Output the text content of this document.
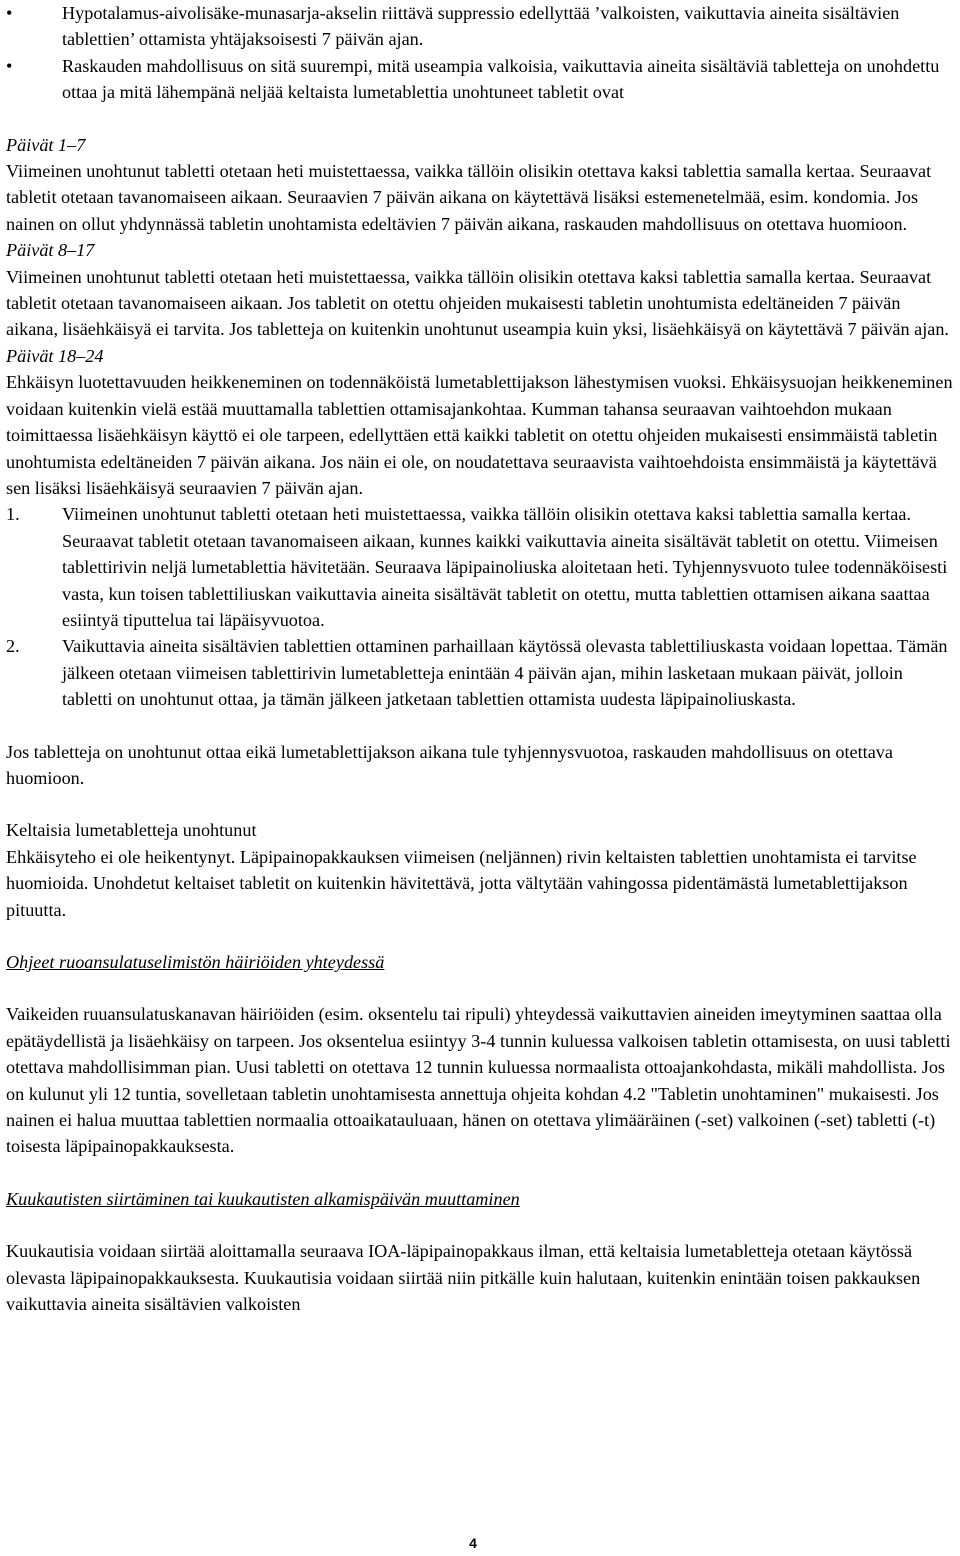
•	Hypotalamus-aivolisäke-munasarja-akselin riittävä suppressio edellyttää ’valkoisten, vaikuttavia aineita sisältävien tablettien’ ottamista yhtäjaksoisesti 7 päivän ajan.
•	Raskauden mahdollisuus on sitä suurempi, mitä useampia valkoisia, vaikuttavia aineita sisältäviä tabletteja on unohdettu ottaa ja mitä lähempänä neljää keltaista lumetablettia unohtuneet tabletit ovat

Päivät 1–7

Viimeinen unohtunut tabletti otetaan heti muistettaessa, vaikka tällöin olisikin otettava kaksi tablettia samalla kertaa. Seuraavat tabletit otetaan tavanomaiseen aikaan. Seuraavien 7 päivän aikana on käytettävä lisäksi estemenetelmää, esim. kondomia. Jos nainen on ollut yhdynnässä tabletin unohtamista edeltävien 7 päivän aikana, raskauden mahdollisuus on otettava huomioon.

Päivät 8–17

Viimeinen unohtunut tabletti otetaan heti muistettaessa, vaikka tällöin olisikin otettava kaksi tablettia samalla kertaa. Seuraavat tabletit otetaan tavanomaiseen aikaan. Jos tabletit on otettu ohjeiden mukaisesti tabletin unohtumista edeltäneiden 7 päivän aikana, lisäehkäisyä ei tarvita. Jos tabletteja on kuitenkin unohtunut useampia kuin yksi, lisäehkäisyä on käytettävä 7 päivän ajan.

Päivät 18–24

Ehkäisyn luotettavuuden heikkeneminen on todennäköistä lumetablettijakson lähestymisen vuoksi. Ehkäisysuojan heikkeneminen voidaan kuitenkin vielä estää muuttamalla tablettien ottamisajankohtaa. Kumman tahansa seuraavan vaihtoehdon mukaan toimittaessa lisäehkäisyn käyttö ei ole tarpeen, edellyttäen että kaikki tabletit on otettu ohjeiden mukaisesti ensimmäistä tabletin unohtumista edeltäneiden 7 päivän aikana. Jos näin ei ole, on noudatettava seuraavista vaihtoehdoista ensimmäistä ja käytettävä sen lisäksi lisäehkäisyä seuraavien 7 päivän ajan.

1. Viimeinen unohtunut tabletti otetaan heti muistettaessa, vaikka tällöin olisikin otettava kaksi tablettia samalla kertaa. Seuraavat tabletit otetaan tavanomaiseen aikaan, kunnes kaikki vaikuttavia aineita sisältävät tabletit on otettu. Viimeisen tablettirivin neljä lumetablettia hävitetään. Seuraava läpipainoliuska aloitetaan heti. Tyhjennysvuoto tulee todennäköisesti vasta, kun toisen tablettiliuskan vaikuttavia aineita sisältävät tabletit on otettu, mutta tablettien ottamisen aikana saattaa esiintyä tiputtelua tai läpäisyvuotoa.
2. Vaikuttavia aineita sisältävien tablettien ottaminen parhaillaan käytössä olevasta tablettiliuskasta voidaan lopettaa. Tämän jälkeen otetaan viimeisen tablettirivin lumetabletteja enintään 4 päivän ajan, mihin lasketaan mukaan päivät, jolloin tabletti on unohtunut ottaa, ja tämän jälkeen jatketaan tablettien ottamista uudesta läpipainoliuskasta.

Jos tabletteja on unohtunut ottaa eikä lumetablettijakson aikana tule tyhjennysvuotoa, raskauden mahdollisuus on otettava huomioon.

Keltaisia lumetabletteja unohtunut

Ehkäisyteho ei ole heikentynyt. Läpipainopakkauksen viimeisen (neljännen) rivin keltaisten tablettien unohtamista ei tarvitse huomioida. Unohdetut keltaiset tabletit on kuitenkin hävitettävä, jotta vältytään vahingossa pidentämästä lumetablettijakson pituutta.

Ohjeet ruoansulatuselimistön häiriöiden yhteydessä

Vaikeiden ruuansulatuskanavan häiriöiden (esim. oksentelu tai ripuli) yhteydessä vaikuttavien aineiden imeytyminen saattaa olla epätäydellistä ja lisäehkäisy on tarpeen. Jos oksentelua esiintyy 3-4 tunnin kuluessa valkoisen tabletin ottamisesta, on uusi tabletti otettava mahdollisimman pian. Uusi tabletti on otettava 12 tunnin kuluessa normaalista ottoajankohdasta, mikäli mahdollista. Jos on kulunut yli 12 tuntia, sovelletaan tabletin unohtamisesta annettuja ohjeita kohdan 4.2 "Tabletin unohtaminen" mukaisesti. Jos nainen ei halua muuttaa tablettien normaalia ottoaikatauluaan, hänen on otettava ylimääräinen (-set) valkoinen (-set) tabletti (-t) toisesta läpipainopakkauksesta.

Kuukautisten siirtäminen tai kuukautisten alkamispäivän muuttaminen

Kuukautisia voidaan siirtää aloittamalla seuraava IOA-läpipainopakkaus ilman, että keltaisia lumetabletteja otetaan käytössä olevasta läpipainopakkauksesta. Kuukautisia voidaan siirtää niin pitkälle kuin halutaan, kuitenkin enintään toisen pakkauksen vaikuttavia aineita sisältävien valkoisten

4
